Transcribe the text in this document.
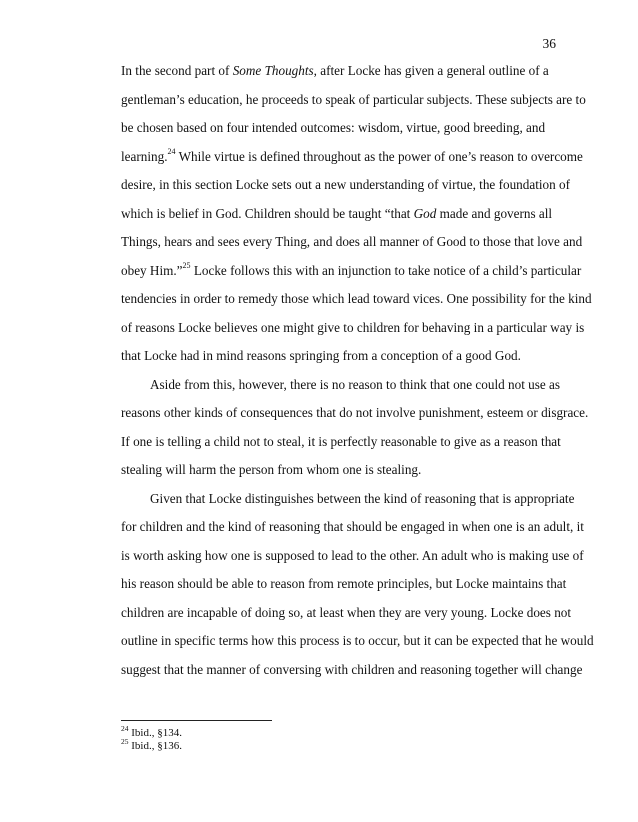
36
In the second part of Some Thoughts, after Locke has given a general outline of a
gentleman’s education, he proceeds to speak of particular subjects. These subjects are to
be chosen based on four intended outcomes: wisdom, virtue, good breeding, and
learning.$^{24}$ While virtue is defined throughout as the power of one’s reason to overcome
desire, in this section Locke sets out a new understanding of virtue, the foundation of
which is belief in God. Children should be taught “that God made and governs all
Things, hears and sees every Thing, and does all manner of Good to those that love and
obey Him.”$^{25}$ Locke follows this with an injunction to take notice of a child’s particular
tendencies in order to remedy those which lead toward vices. One possibility for the kind
of reasons Locke believes one might give to children for behaving in a particular way is
that Locke had in mind reasons springing from a conception of a good God.
Aside from this, however, there is no reason to think that one could not use as
reasons other kinds of consequences that do not involve punishment, esteem or disgrace.
If one is telling a child not to steal, it is perfectly reasonable to give as a reason that
stealing will harm the person from whom one is stealing.
Given that Locke distinguishes between the kind of reasoning that is appropriate
for children and the kind of reasoning that should be engaged in when one is an adult, it
is worth asking how one is supposed to lead to the other. An adult who is making use of
his reason should be able to reason from remote principles, but Locke maintains that
children are incapable of doing so, at least when they are very young. Locke does not
outline in specific terms how this process is to occur, but it can be expected that he would
suggest that the manner of conversing with children and reasoning together will change
$^{24}$ Ibid., §134.
$^{25}$ Ibid., §136.
